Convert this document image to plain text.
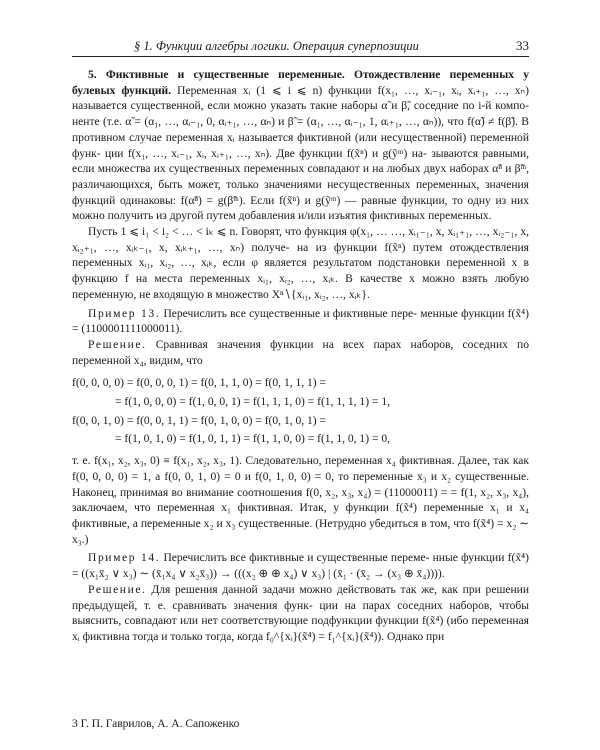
§ 1. Функции алгебры логики. Операция суперпозиции	33

5. Фиктивные и существенные переменные. Отождествление переменных у булевых функций. Переменная xᵢ (1 ⩽ i ⩽ n) функции f(x₁, …, xᵢ₋₁, xᵢ, xᵢ₊₁, …, xₙ) называется существенной, если можно указать такие наборы α̃ и β̃, соседние по i-й компо- ненте (т.е. α̃ = (α₁, …, αᵢ₋₁, 0, αᵢ₊₁, …, αₙ) и β̃ = (α₁, …, αᵢ₋₁, 1, αᵢ₊₁, …, αₙ)), что f(α̃) ≠ f(β̃). В противном случае переменная xᵢ называется фиктивной (или несущественной) переменной функ- ции f(x₁, …, xᵢ₋₁, xᵢ, xᵢ₊₁, …, xₙ). Две функции f(x̃ⁿ) и g(ỹᵐ) на- зываются равными, если множества их существенных переменных совпадают и на любых двух наборах α̃ⁿ и β̃ᵐ, различающихся, быть может, только значениями несущественных переменных, значения функций одинаковы: f(α̃ⁿ) = g(β̃ᵐ). Если f(x̃ⁿ) и g(ỹᵐ) — равные функции, то одну из них можно получить из другой путем добавления и/или изъятия фиктивных переменных.

Пусть 1 ⩽ i₁ < i₂ < … < iₖ ⩽ n. Говорят, что функция φ(x₁, … …, xᵢ₁₋₁, x, xᵢ₁₊₁, …, xᵢ₂₋₁, x, xᵢ₂₊₁, …, xᵢₖ₋₁, x, xᵢₖ₊₁, …, xₙ) получе- на из функции f(x̃ⁿ) путем отождествления переменных xᵢ₁, xᵢ₂, …, xᵢₖ, если φ является результатом подстановки переменной x в функцию f на места переменных xᵢ₁, xᵢ₂, …, xᵢₖ. В качестве x можно взять любую переменную, не входящую в множество Xⁿ∖{xᵢ₁, xᵢ₂, …, xᵢₖ}.

Пример 13. Перечислить все существенные и фиктивные пере- менные функции f(x̃⁴) = (1100001111000011).

Решение. Сравнивая значения функции на всех парах наборов, соседних по переменной x₄, видим, что

f(0, 0, 0, 0) = f(0, 0, 0, 1) = f(0, 1, 1, 0) = f(0, 1, 1, 1) =
= f(1, 0, 0, 0) = f(1, 0, 0, 1) = f(1, 1, 1, 0) = f(1, 1, 1, 1) = 1,
f(0, 0, 1, 0) = f(0, 0, 1, 1) = f(0, 1, 0, 0) = f(0, 1, 0, 1) =
= f(1, 0, 1, 0) = f(1, 0, 1, 1) = f(1, 1, 0, 0) = f(1, 1, 0, 1) = 0,

т. е. f(x₁, x₂, x₃, 0) ≡ f(x₁, x₂, x₃, 1). Следовательно, переменная x₄ фиктивная. Далее, так как f(0, 0, 0, 0) = 1, а f(0, 0, 1, 0) = 0 и f(0, 1, 0, 0) = 0, то переменные x₃ и x₂ существенные. Наконец, принимая во внимание соотношения f(0, x₂, x₃, x₄) = (11000011) = = f(1, x₂, x₃, x₄), заключаем, что переменная x₁ фиктивная. Итак, у функции f(x̃⁴) переменные x₁ и x₄ фиктивные, а переменные x₂ и x₃ существенные. (Нетрудно убедиться в том, что f(x̃⁴) = x₂ ∼ x₃.)

Пример 14. Перечислить все фиктивные и существенные переме- нные функции f(x̃⁴) = ((x₁x̄₂ ∨ x₃) ∼ (x̄₁x₄ ∨ x₂x̄₃)) → (((x₂ ⊕ ⊕ x₄) ∨ x₃) | (x̄₁ · (x̄₂ → (x₃ ⊕ x̄₄)))).

Решение. Для решения данной задачи можно действовать так же, как при решении предыдущей, т. е. сравнивать значения функ- ции на парах соседних наборов, чтобы выяснить, совпадают или нет соответствующие подфункции функции f(x̃⁴) (ибо переменная xᵢ фиктивна тогда и только тогда, когда f₀^{xᵢ}(x̃⁴) = f₁^{xᵢ}(x̃⁴)). Однако при

3 Г. П. Гаврилов, А. А. Сапоженко
